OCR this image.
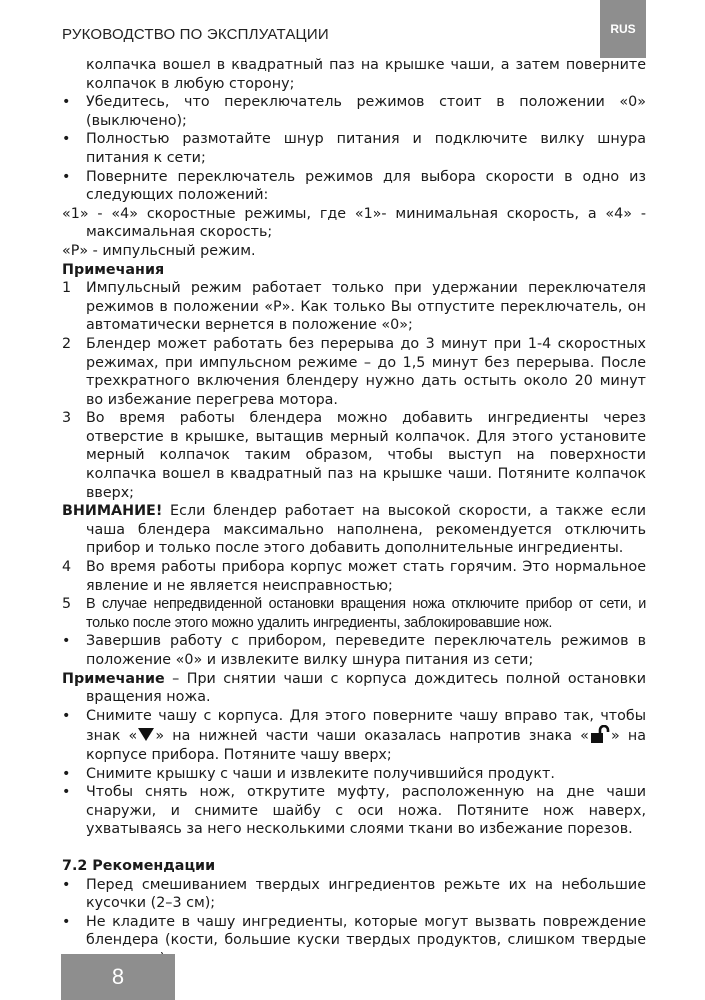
РУКОВОДСТВО ПО ЭКСПЛУАТАЦИИ	RUS

колпачка вошел в квадратный паз на крышке чаши, а затем поверните колпачок в любую сторону;

•	Убедитесь, что переключатель режимов стоит в положении «0» (выключено);
•	Полностью размотайте шнур питания и подключите вилку шнура питания к сети;
•	Поверните переключатель режимов для выбора скорости в одно из следующих положений:

«1» - «4» скоростные режимы, где «1»- минимальная скорость, а «4» - максимальная скорость;

«P» - импульсный режим.

Примечания

1	Импульсный режим работает только при удержании переключателя режимов в положении «P». Как только Вы отпустите переключатель, он автоматически вернется в положение «0»;
2	Блендер может работать без перерыва до 3 минут при 1-4 скоростных режимах, при импульсном режиме – до 1,5 минут без перерыва. После трехкратного включения блендеру нужно дать остыть около 20 минут во избежание перегрева мотора.
3	Во время работы блендера можно добавить ингредиенты через отверстие в крышке, вытащив мерный колпачок. Для этого установите мерный колпачок таким образом, чтобы выступ на поверхности колпачка вошел в квадратный паз на крышке чаши. Потяните колпачок вверх;

ВНИМАНИЕ! Если блендер работает на высокой скорости, а также если чаша блендера максимально наполнена, рекомендуется отключить прибор и только после этого добавить дополнительные ингредиенты.

4	Во время работы прибора корпус может стать горячим. Это нормальное явление и не является неисправностью;
5	В случае непредвиденной остановки вращения ножа отключите прибор от сети, и только после этого можно удалить ингредиенты, заблокировавшие нож.
•	Завершив работу с прибором, переведите переключатель режимов в положение «0» и извлеките вилку шнура питания из сети;

Примечание – При снятии чаши с корпуса дождитесь полной остановки вращения ножа.

•	Снимите чашу с корпуса. Для этого поверните чашу вправо так, чтобы знак « » на нижней части чаши оказалась напротив знака « » на корпусе прибора. Потяните чашу вверх;
•	Снимите крышку с чаши и извлеките получившийся продукт.
•	Чтобы снять нож, открутите муфту, расположенную на дне чаши снаружи, и снимите шайбу с оси ножа. Потяните нож наверх, ухватываясь за него несколькими слоями ткани во избежание порезов.

7.2 Рекомендации

•	Перед смешиванием твердых ингредиентов режьте их на небольшие кусочки (2–3 см);
•	Не кладите в чашу ингредиенты, которые могут вызвать повреждение блендера (кости, большие куски твердых продуктов, слишком твердые
8
